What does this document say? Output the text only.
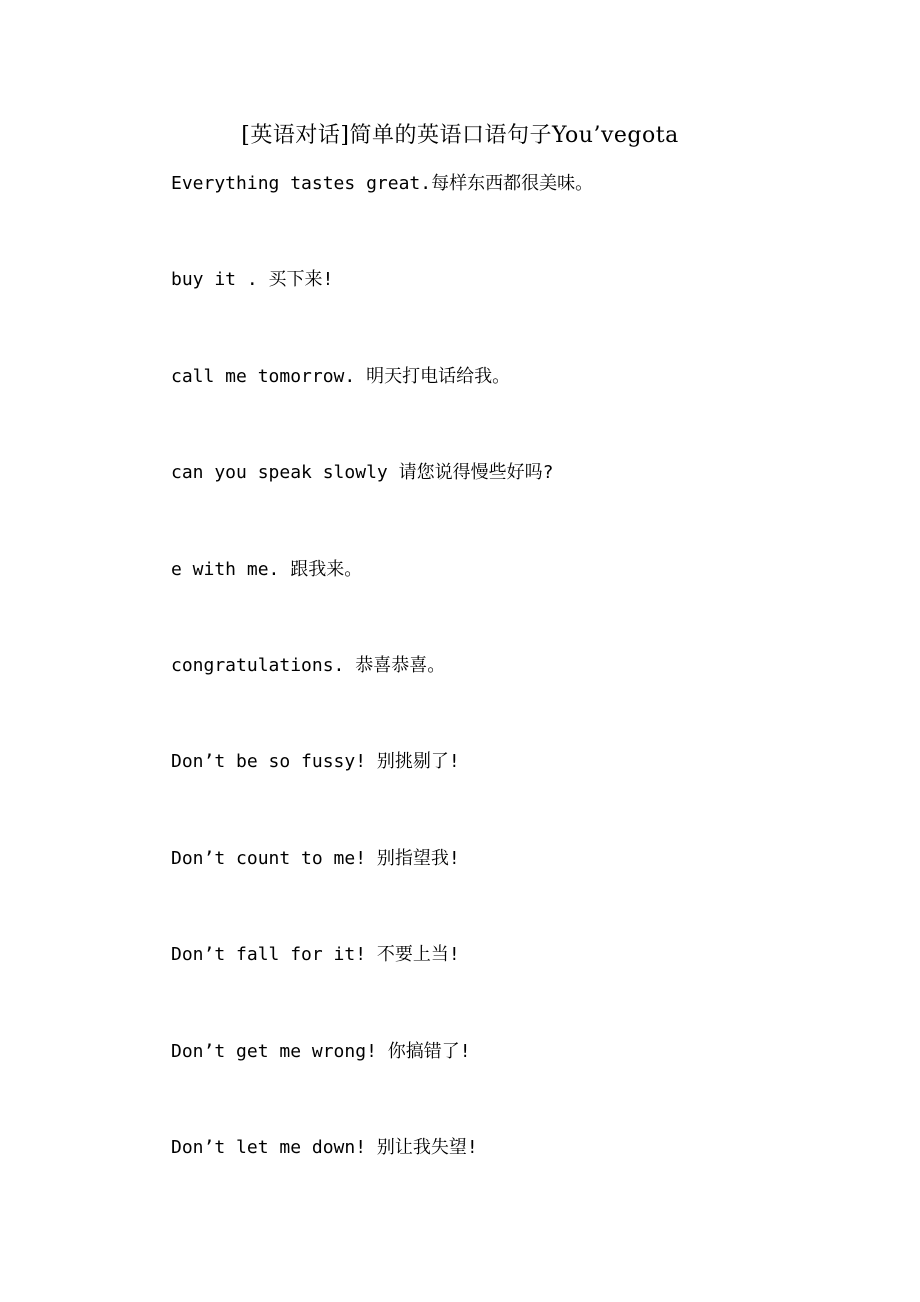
[英语对话]简单的英语口语句子You’vegota
Everything tastes great.每样东西都很美味。
buy it . 买下来!
call me tomorrow. 明天打电话给我。
can you speak slowly 请您说得慢些好吗?
e with me. 跟我来。
congratulations. 恭喜恭喜。
Don’t be so fussy! 别挑剔了!
Don’t count to me! 别指望我!
Don’t fall for it! 不要上当!
Don’t get me wrong! 你搞错了!
Don’t let me down! 别让我失望!
